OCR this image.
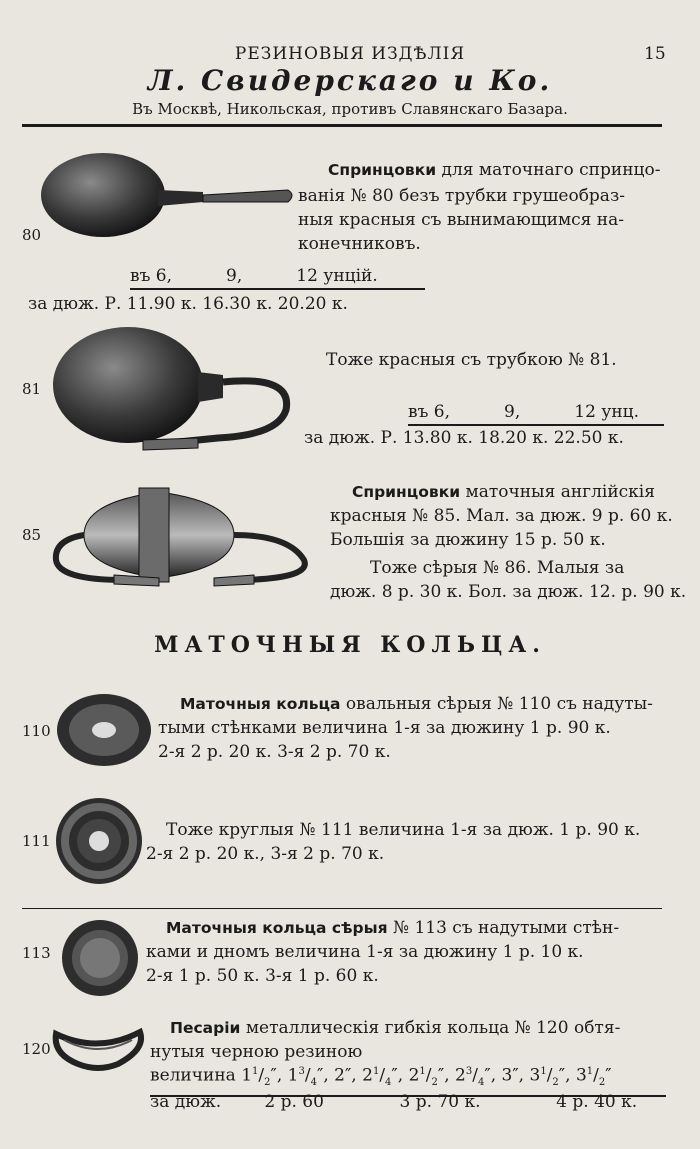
РЕЗИНОВЫЯ ИЗДѢЛІЯ	15
Л. Свидерскаго и Ко.
Въ Москвѣ, Никольская, противъ Славянскаго Базара.
80
Спринцовки для маточнаго спринцо-
ванія № 80 безъ трубки грушеобраз-
ныя красныя съ вынимающимся на-
конечниковъ.
въ 6,          9,          12 унцій.
за дюж. Р. 11.90 к. 16.30 к. 20.20 к.
81
Тоже красныя съ трубкою № 81.
въ 6,          9,          12 унц.
за дюж. Р. 13.80 к. 18.20 к. 22.50 к.
85
Спринцовки маточныя англійскія
красныя № 85. Мал. за дюж. 9 р. 60 к.
Большія за дюжину 15 р. 50 к.
Тоже сѣрыя № 86. Малыя за
дюж. 8 р. 30 к. Бол. за дюж. 12. р. 90 к.
МАТОЧНЫЯ КОЛЬЦА.
110
Маточныя кольца овальныя сѣрыя № 110 съ надуты-
тыми стѣнками величина 1-я за дюжину 1 р. 90 к.
2-я 2 р. 20 к. 3-я 2 р. 70 к.
111
Тоже круглыя № 111 величина 1-я за дюж. 1 р. 90 к.
2-я 2 р. 20 к., 3-я 2 р. 70 к.
113
Маточныя кольца сѣрыя № 113 съ надутыми стѣн-
ками и дномъ величина 1-я за дюжину 1 р. 10 к.
2-я 1 р. 50 к. 3-я 1 р. 60 к.
120
Песаріи металлическія гибкія кольца № 120 обтя-
нутыя черною резиною
величина $1^1/_2''$, $1^3/_4''$, 2″, $2^1/_4''$, $2^1/_2''$, $2^3/_4''$, 3″, $3^1/_2''$, $3^1/_2''$
за дюж.        2 р. 60              3 р. 70 к.              4 р. 40 к.
